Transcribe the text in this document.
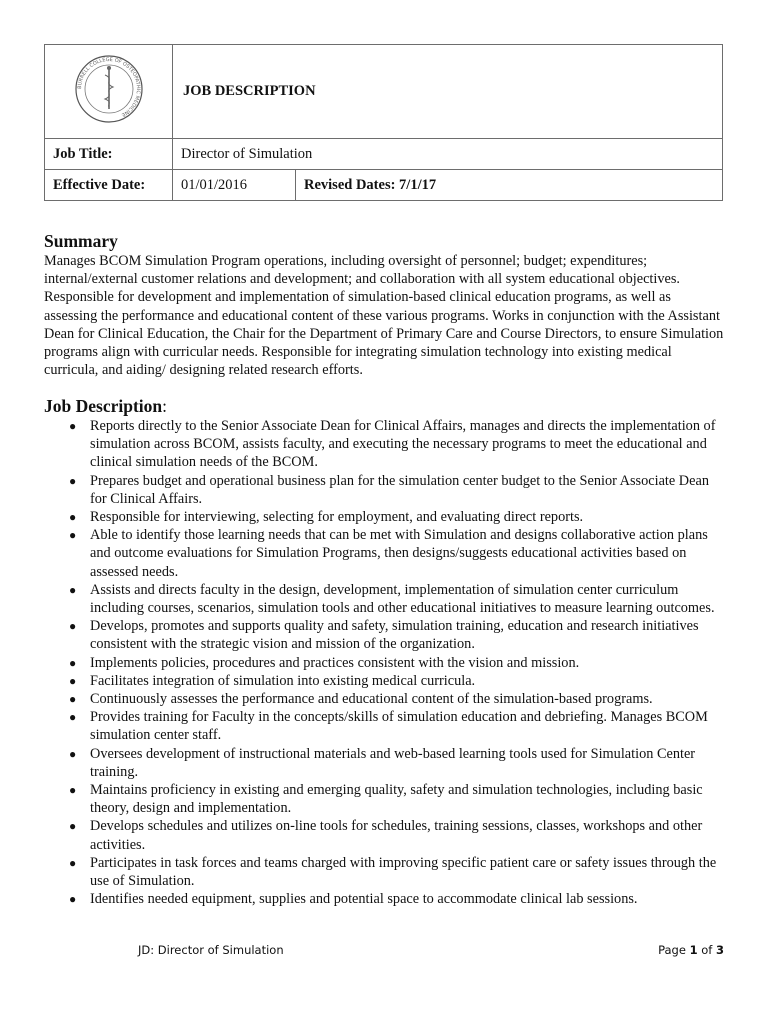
BURRELL COLLEGE OF OSTEOPATHIC MEDICINE	JOB DESCRIPTION	
Job Title:	Director of Simulation	
Effective Date:	01/01/2016	Revised Dates: 7/1/17
Summary

Manages BCOM Simulation Program operations, including oversight of personnel; budget; expenditures; internal/external customer relations and development; and collaboration with all system educational objectives. Responsible for development and implementation of simulation-based clinical education programs, as well as assessing the performance and educational content of these various programs. Works in conjunction with the Assistant Dean for Clinical Education, the Chair for the Department of Primary Care and Course Directors, to ensure Simulation programs align with curricular needs. Responsible for integrating simulation technology into existing medical curricula, and aiding/ designing related research efforts.

Job Description:
● Reports directly to the Senior Associate Dean for Clinical Affairs, manages and directs the implementation of simulation across BCOM, assists faculty, and executing the necessary programs to meet the educational and clinical simulation needs of the BCOM.
● Prepares budget and operational business plan for the simulation center budget to the Senior Associate Dean for Clinical Affairs.
● Responsible for interviewing, selecting for employment, and evaluating direct reports.
● Able to identify those learning needs that can be met with Simulation and designs collaborative action plans and outcome evaluations for Simulation Programs, then designs/suggests educational activities based on assessed needs.
● Assists and directs faculty in the design, development, implementation of simulation center curriculum including courses, scenarios, simulation tools and other educational initiatives to measure learning outcomes.
● Develops, promotes and supports quality and safety, simulation training, education and research initiatives consistent with the strategic vision and mission of the organization.
● Implements policies, procedures and practices consistent with the vision and mission.
● Facilitates integration of simulation into existing medical curricula.
● Continuously assesses the performance and educational content of the simulation-based programs.
● Provides training for Faculty in the concepts/skills of simulation education and debriefing. Manages BCOM simulation center staff.
● Oversees development of instructional materials and web-based learning tools used for Simulation Center training.
● Maintains proficiency in existing and emerging quality, safety and simulation technologies, including basic theory, design and implementation.
● Develops schedules and utilizes on-line tools for schedules, training sessions, classes, workshops and other activities.
● Participates in task forces and teams charged with improving specific patient care or safety issues through the use of Simulation.
● Identifies needed equipment, supplies and potential space to accommodate clinical lab sessions.
JD: Director of Simulation	Page 1 of 3
